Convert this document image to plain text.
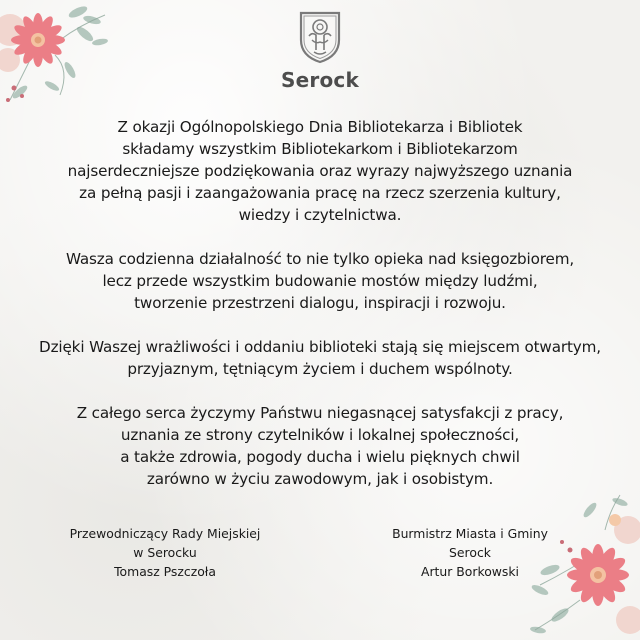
Serock

Z okazji Ogólnopolskiego Dnia Bibliotekarza i Bibliotek
składamy wszystkim Bibliotekarkom i Bibliotekarzom
najserdeczniejsze podziękowania oraz wyrazy najwyższego uznania
za pełną pasji i zaangażowania pracę na rzecz szerzenia kultury,
wiedzy i czytelnictwa.

Wasza codzienna działalność to nie tylko opieka nad księgozbiorem,
lecz przede wszystkim budowanie mostów między ludźmi,
tworzenie przestrzeni dialogu, inspiracji i rozwoju.

Dzięki Waszej wrażliwości i oddaniu biblioteki stają się miejscem otwartym,
przyjaznym, tętniącym życiem i duchem wspólnoty.

Z całego serca życzymy Państwu niegasnącej satysfakcji z pracy,
uznania ze strony czytelników i lokalnej społeczności,
a także zdrowia, pogody ducha i wielu pięknych chwil
zarówno w życiu zawodowym, jak i osobistym.

Przewodniczący Rady Miejskiej
w Serocku
Tomasz Pszczoła
Burmistrz Miasta i Gminy
Serock
Artur Borkowski
